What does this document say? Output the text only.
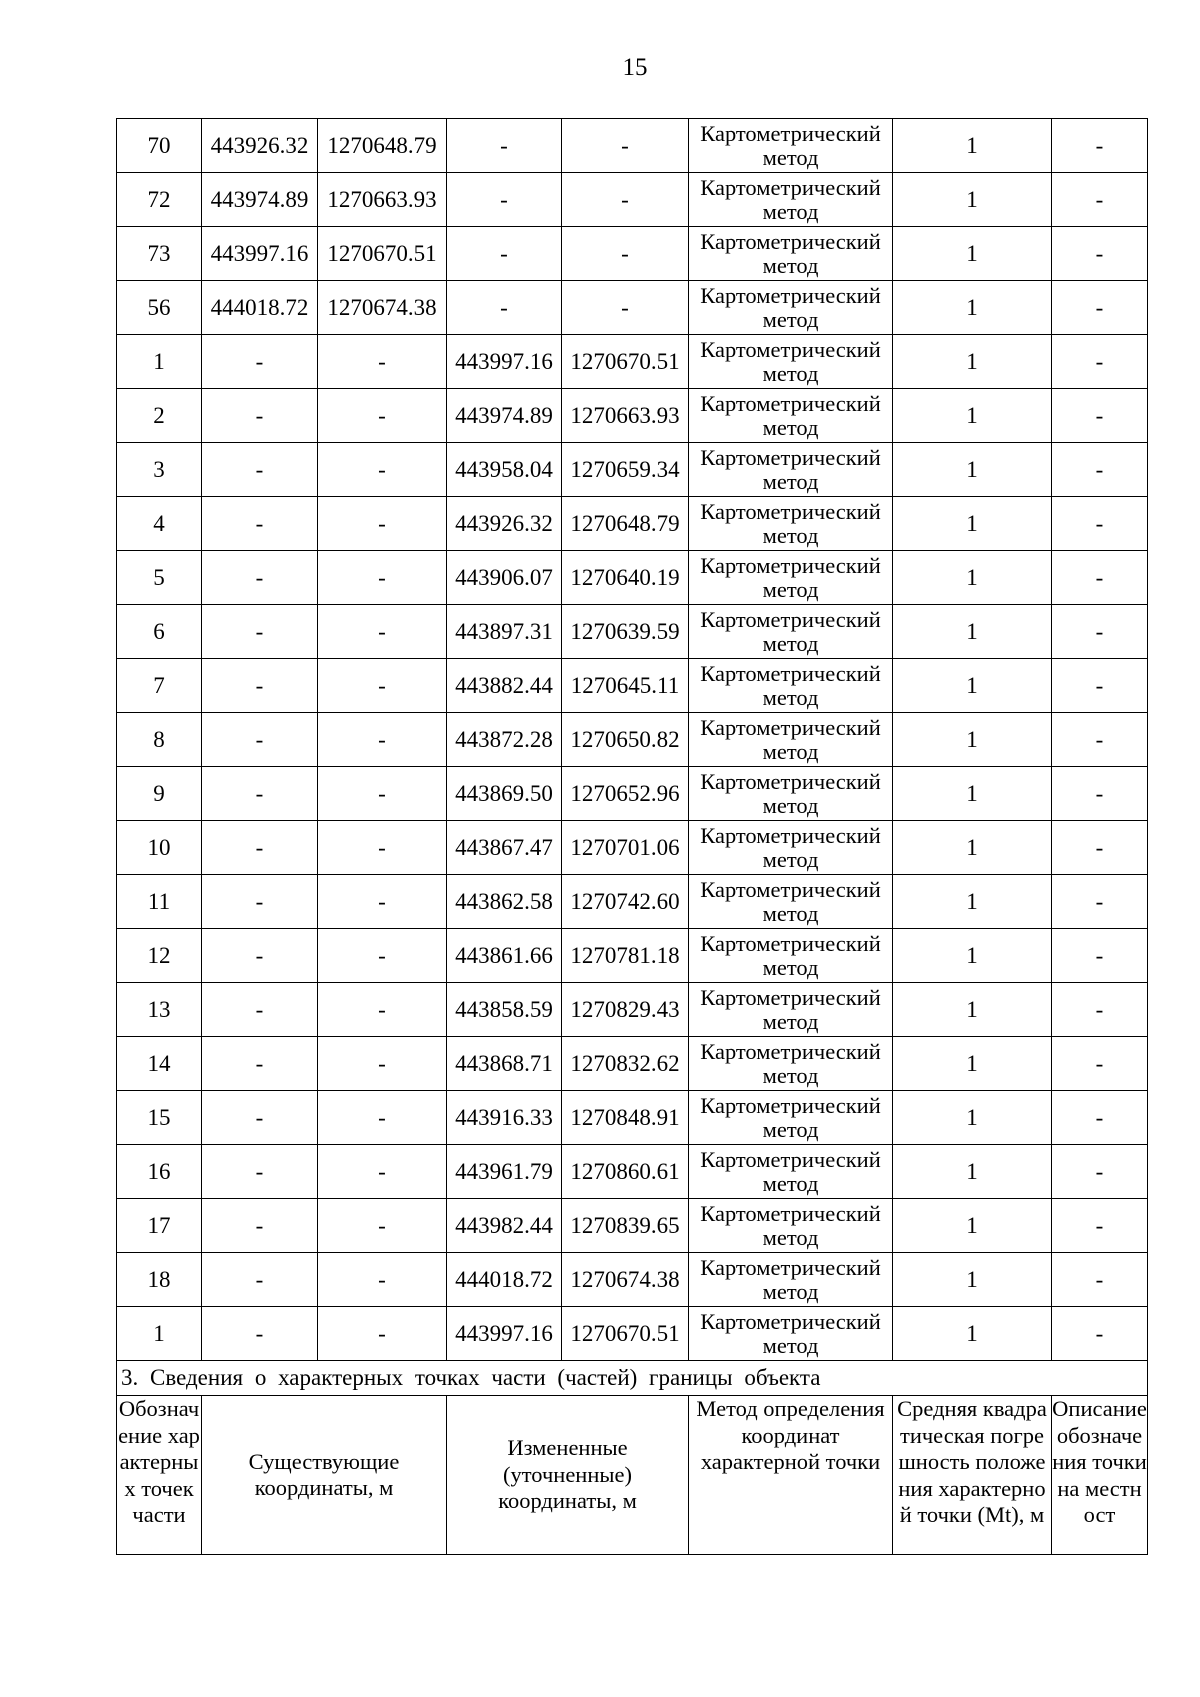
15
70	443926.32	1270648.79	-	-	Картометрический метод	1	-
72	443974.89	1270663.93	-	-	Картометрический метод	1	-
73	443997.16	1270670.51	-	-	Картометрический метод	1	-
56	444018.72	1270674.38	-	-	Картометрический метод	1	-
1	-	-	443997.16	1270670.51	Картометрический метод	1	-
2	-	-	443974.89	1270663.93	Картометрический метод	1	-
3	-	-	443958.04	1270659.34	Картометрический метод	1	-
4	-	-	443926.32	1270648.79	Картометрический метод	1	-
5	-	-	443906.07	1270640.19	Картометрический метод	1	-
6	-	-	443897.31	1270639.59	Картометрический метод	1	-
7	-	-	443882.44	1270645.11	Картометрический метод	1	-
8	-	-	443872.28	1270650.82	Картометрический метод	1	-
9	-	-	443869.50	1270652.96	Картометрический метод	1	-
10	-	-	443867.47	1270701.06	Картометрический метод	1	-
11	-	-	443862.58	1270742.60	Картометрический метод	1	-
12	-	-	443861.66	1270781.18	Картометрический метод	1	-
13	-	-	443858.59	1270829.43	Картометрический метод	1	-
14	-	-	443868.71	1270832.62	Картометрический метод	1	-
15	-	-	443916.33	1270848.91	Картометрический метод	1	-
16	-	-	443961.79	1270860.61	Картометрический метод	1	-
17	-	-	443982.44	1270839.65	Картометрический метод	1	-
18	-	-	444018.72	1270674.38	Картометрический метод	1	-
1	-	-	443997.16	1270670.51	Картометрический метод	1	-
3. Сведения о характерных точках части (частей) границы объекта							
Обозначение характерных точек части	Существующие координаты, м		Измененные (уточненные) координаты, м		Метод определения координат характерной точки	Средняя квадратическая погрешность положения характерной точки (Mt), м	Описание обозначения точки на местност
